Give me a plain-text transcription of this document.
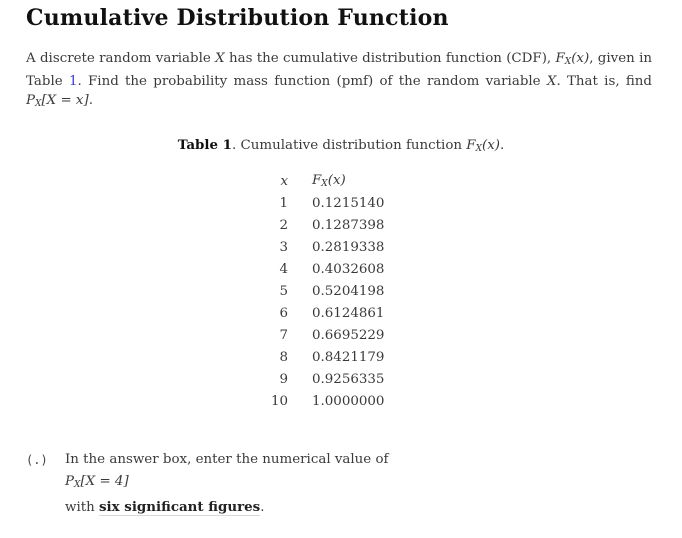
Cumulative Distribution Function

A discrete random variable X has the cumulative distribution function (CDF), $F_X(x)$, given in Table 1. Find the probability mass function (pmf) of the random variable X. That is, find $P_X[X = x]$.

Table 1. Cumulative distribution function $F_X(x)$.
x	$F_X(x)$
1	0.1215140
2	0.1287398
3	0.2819338
4	0.4032608
5	0.5204198
6	0.6124861
7	0.6695229
8	0.8421179
9	0.9256335
10	1.0000000
(.) In the answer box, enter the numerical value of
$P_X[X = 4]$
with six significant figures.
